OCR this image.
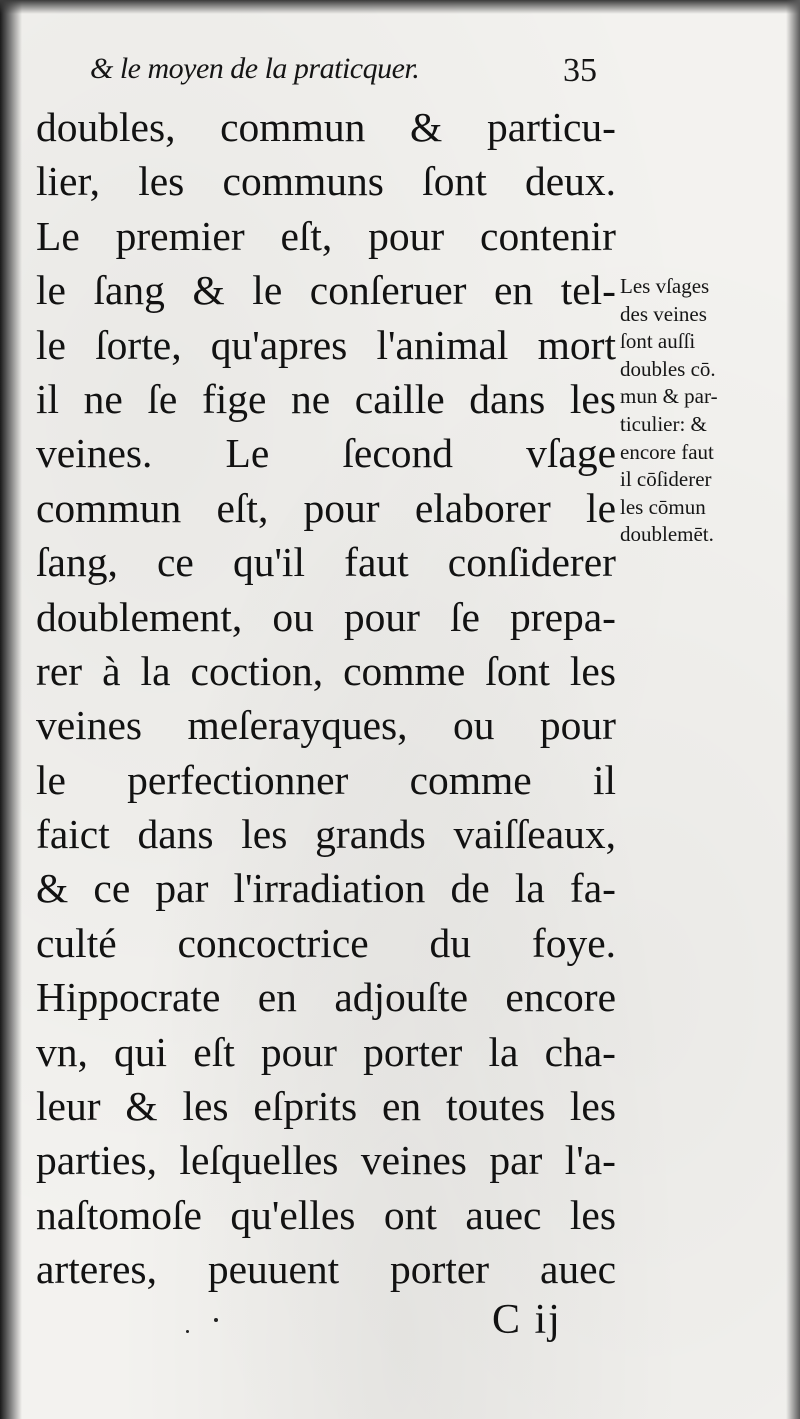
& le moyen de la praticquer.	35
doubles, commun & particu-
lier, les communs ſont deux.
Le premier eſt, pour contenir
le ſang & le conſeruer en tel-
le ſorte, qu'apres l'animal mort
il ne ſe fige ne caille dans les
veines. Le ſecond vſage
commun eſt, pour elaborer le
ſang, ce qu'il faut conſiderer
doublement, ou pour ſe prepa-
rer à la coction, comme ſont les
veines meſerayques, ou pour
le perfectionner comme il
faict dans les grands vaiſſeaux,
& ce par l'irradiation de la fa-
culté concoctrice du foye.
Hippocrate en adjouſte encore
vn, qui eſt pour porter la cha-
leur & les eſprits en toutes les
parties, leſquelles veines par l'a-
naſtomoſe qu'elles ont auec les
arteres, peuuent porter auec
Les vſages
des veines
ſont auſſi
doubles cō.
mun & par-
ticulier: &
encore faut
il cōſiderer
les cōmun
doublemēt.
C ij
